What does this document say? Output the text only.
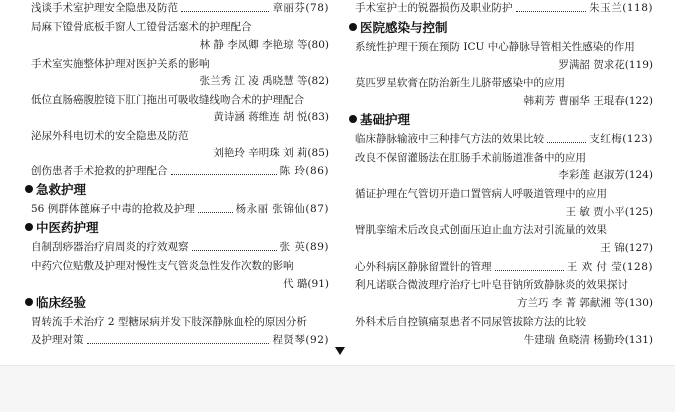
浅谈手术室护理安全隐患及防范	章丽芬(78)
局麻下镫骨底板手窗人工镫骨活塞术的护理配合
林 静 李凤卿 李艳琼 等(80)
手术室实施整体护理对医护关系的影响
张兰秀 江 凌 禹晓慧 等(82)
低位直肠癌腹腔镜下肛门拖出可吸收缝线吻合术的护理配合
黄诗涵 蒋维连 胡 悦(83)
泌尿外科电切术的安全隐患及防范
刘艳玲 辛明珠 刘 莉(85)
创伤患者手术抢救的护理配合	陈 玲(86)
急救护理
56 例群体蓖麻子中毒的抢救及护理	杨永丽 张锦仙(87)
中医药护理
自制刮痧器治疗肩周炎的疗效观察	张 英(89)
中药穴位贴敷及护理对慢性支气管炎急性发作次数的影响
代 璐(91)
临床经验
胃转流手术治疗 2 型糖尿病并发下肢深静脉血栓的原因分析
及护理对策	程贤琴(92)
手术室护士的锐器损伤及职业防护	朱玉兰(118)
医院感染与控制
系统性护理干预在预防 ICU 中心静脉导管相关性感染的作用
罗满韶 贺求花(119)
莫匹罗星软膏在防治新生儿脐带感染中的应用
韩莉芳 曹丽华 王琨春(122)
基础护理
临床静脉输液中三种排气方法的效果比较	支红梅(123)
改良不保留灌肠法在肛肠手术前肠道准备中的应用
李彩莲 赵淑芳(124)
循证护理在气管切开造口置管病人呼吸道管理中的应用
王 敏 贾小平(125)
臂肌挛缩术后改良式创面压迫止血方法对引流量的效果
王 锦(127)
心外科病区静脉留置针的管理	王 欢 付 莹(128)
利凡诺联合微波理疗治疗七叶皂苷钠所致静脉炎的效果探讨
方兰巧 李 菁 郭献湘 等(130)
外科术后自控镇痛泵患者不同尿管拔除方法的比较
牛建瑞 鱼晓清 杨勤玲(131)
